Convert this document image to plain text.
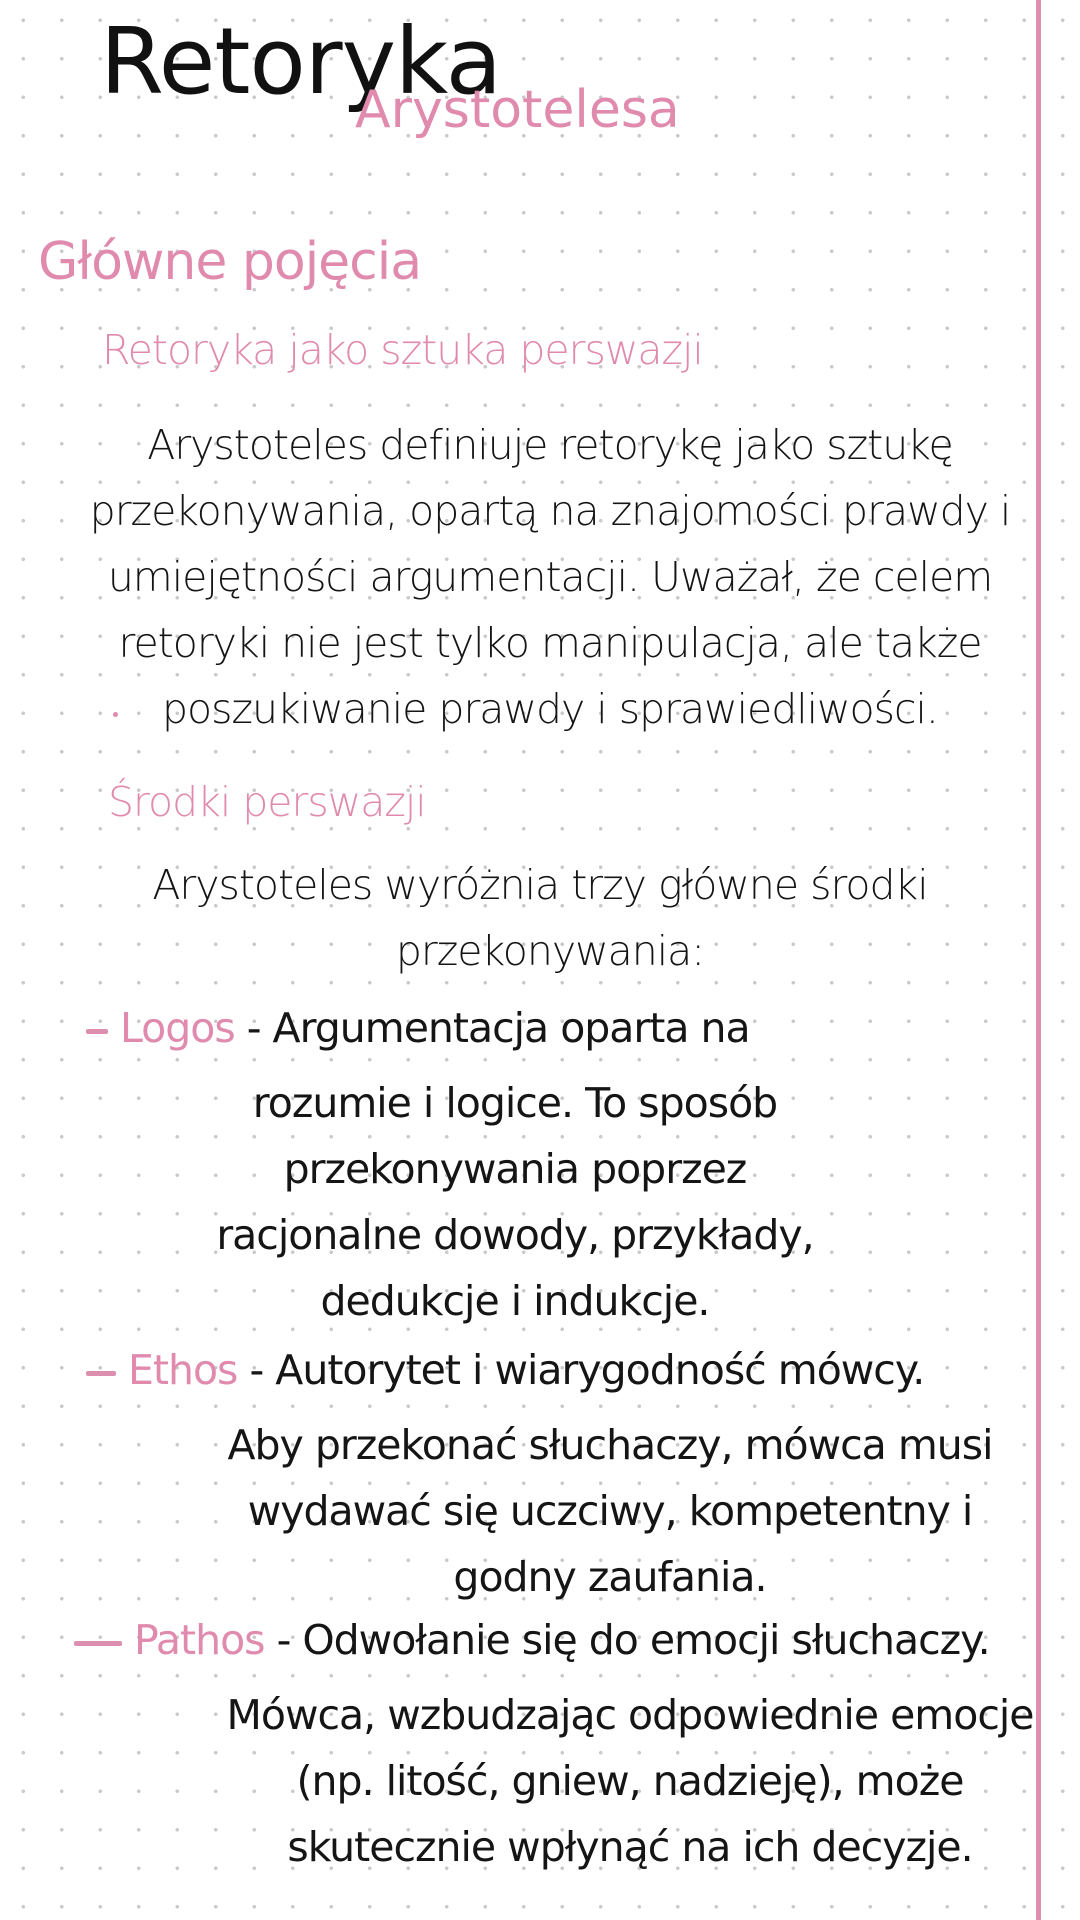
Retoryka
Arystotelesa
Główne pojęcia
Retoryka jako sztuka perswazji
Arystoteles definiuje retorykę jako sztukę
przekonywania, opartą na znajomości prawdy i
umiejętności argumentacji. Uważał, że celem
retoryki nie jest tylko manipulacja, ale także
poszukiwanie prawdy i sprawiedliwości.
Środki perswazji
Arystoteles wyróżnia trzy główne środki
przekonywania:
Logos - Argumentacja oparta na
rozumie i logice. To sposób
przekonywania poprzez
racjonalne dowody, przykłady,
dedukcje i indukcje.
Ethos - Autorytet i wiarygodność mówcy.
Aby przekonać słuchaczy, mówca musi
wydawać się uczciwy, kompetentny i
godny zaufania.
Pathos - Odwołanie się do emocji słuchaczy.
Mówca, wzbudzając odpowiednie emocje
(np. litość, gniew, nadzieję), może
skutecznie wpłynąć na ich decyzje.
